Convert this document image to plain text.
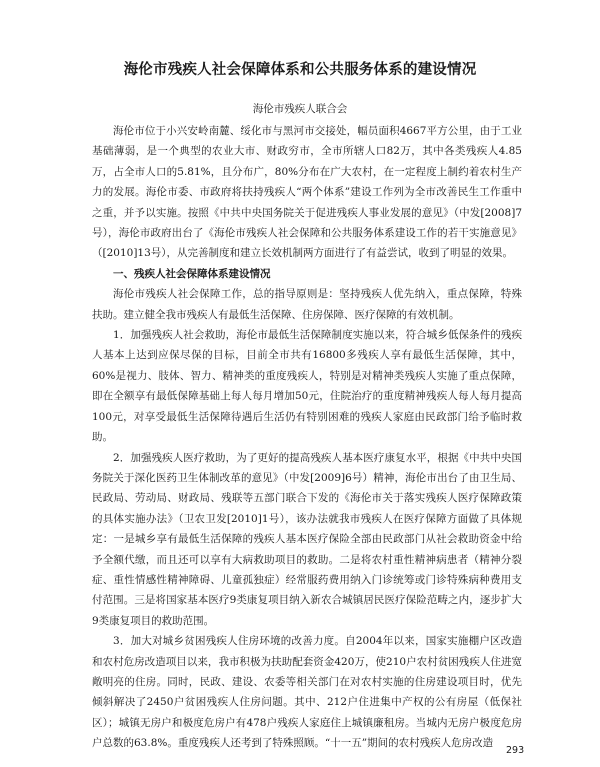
海伦市残疾人社会保障体系和公共服务体系的建设情况

海伦市残疾人联合会

海伦市位于小兴安岭南麓、绥化市与黑河市交接处，幅员面积4667平方公里，由于工业基础薄弱，是一个典型的农业大市、财政穷市，全市所辖人口82万，其中各类残疾人4.85万，占全市人口的5.81%，且分布广，80%分布在广大农村，在一定程度上制约着农村生产力的发展。海伦市委、市政府将扶持残疾人“两个体系”建设工作列为全市改善民生工作重中之重，并予以实施。按照《中共中央国务院关于促进残疾人事业发展的意见》（中发[2008]7号），海伦市政府出台了《海伦市残疾人社会保障和公共服务体系建设工作的若干实施意见》（[2010]13号），从完善制度和建立长效机制两方面进行了有益尝试，收到了明显的效果。

一、残疾人社会保障体系建设情况

海伦市残疾人社会保障工作，总的指导原则是：坚持残疾人优先纳入，重点保障，特殊扶助。建立健全我市残疾人有最低生活保障、住房保障、医疗保障的有效机制。

1．加强残疾人社会救助，海伦市最低生活保障制度实施以来，符合城乡低保条件的残疾人基本上达到应保尽保的目标，目前全市共有16800多残疾人享有最低生活保障，其中，60%是视力、肢体、智力、精神类的重度残疾人，特别是对精神类残疾人实施了重点保障，即在全额享有最低保障基础上每人每月增加50元，住院治疗的重度精神残疾人每人每月提高100元，对享受最低生活保障待遇后生活仍有特别困难的残疾人家庭由民政部门给予临时救助。

2．加强残疾人医疗救助，为了更好的提高残疾人基本医疗康复水平，根据《中共中央国务院关于深化医药卫生体制改革的意见》（中发[2009]6号）精神，海伦市出台了由卫生局、民政局、劳动局、财政局、残联等五部门联合下发的《海伦市关于落实残疾人医疗保障政策的具体实施办法》（卫农卫发[2010]1号），该办法就我市残疾人在医疗保障方面做了具体规定：一是城乡享有最低生活保障的残疾人基本医疗保险全部由民政部门从社会救助资金中给予全额代缴，而且还可以享有大病救助项目的救助。二是将农村重性精神病患者（精神分裂症、重性情感性精神障碍、儿童孤独症）经常服药费用纳入门诊统筹或门诊特殊病种费用支付范围。三是将国家基本医疗9类康复项目纳入新农合城镇居民医疗保险范畴之内，逐步扩大9类康复项目的救助范围。

3．加大对城乡贫困残疾人住房环境的改善力度。自2004年以来，国家实施棚户区改造和农村危房改造项目以来，我市积极为扶助配套资金420万，使210户农村贫困残疾人住进宽敞明亮的住房。同时，民政、建设、农委等相关部门在对农村实施的住房建设项目时，优先倾斜解决了2450户贫困残疾人住房问题。其中、212户住进集中产权的公有房屋（低保社区）；城镇无房户和极度危房户有478户残疾人家庭住上城镇廉租房。当城内无房户极度危房户总数的63.8%。重度残疾人还考到了特殊照顾。“十一五”期间的农村残疾人危房改造

293
